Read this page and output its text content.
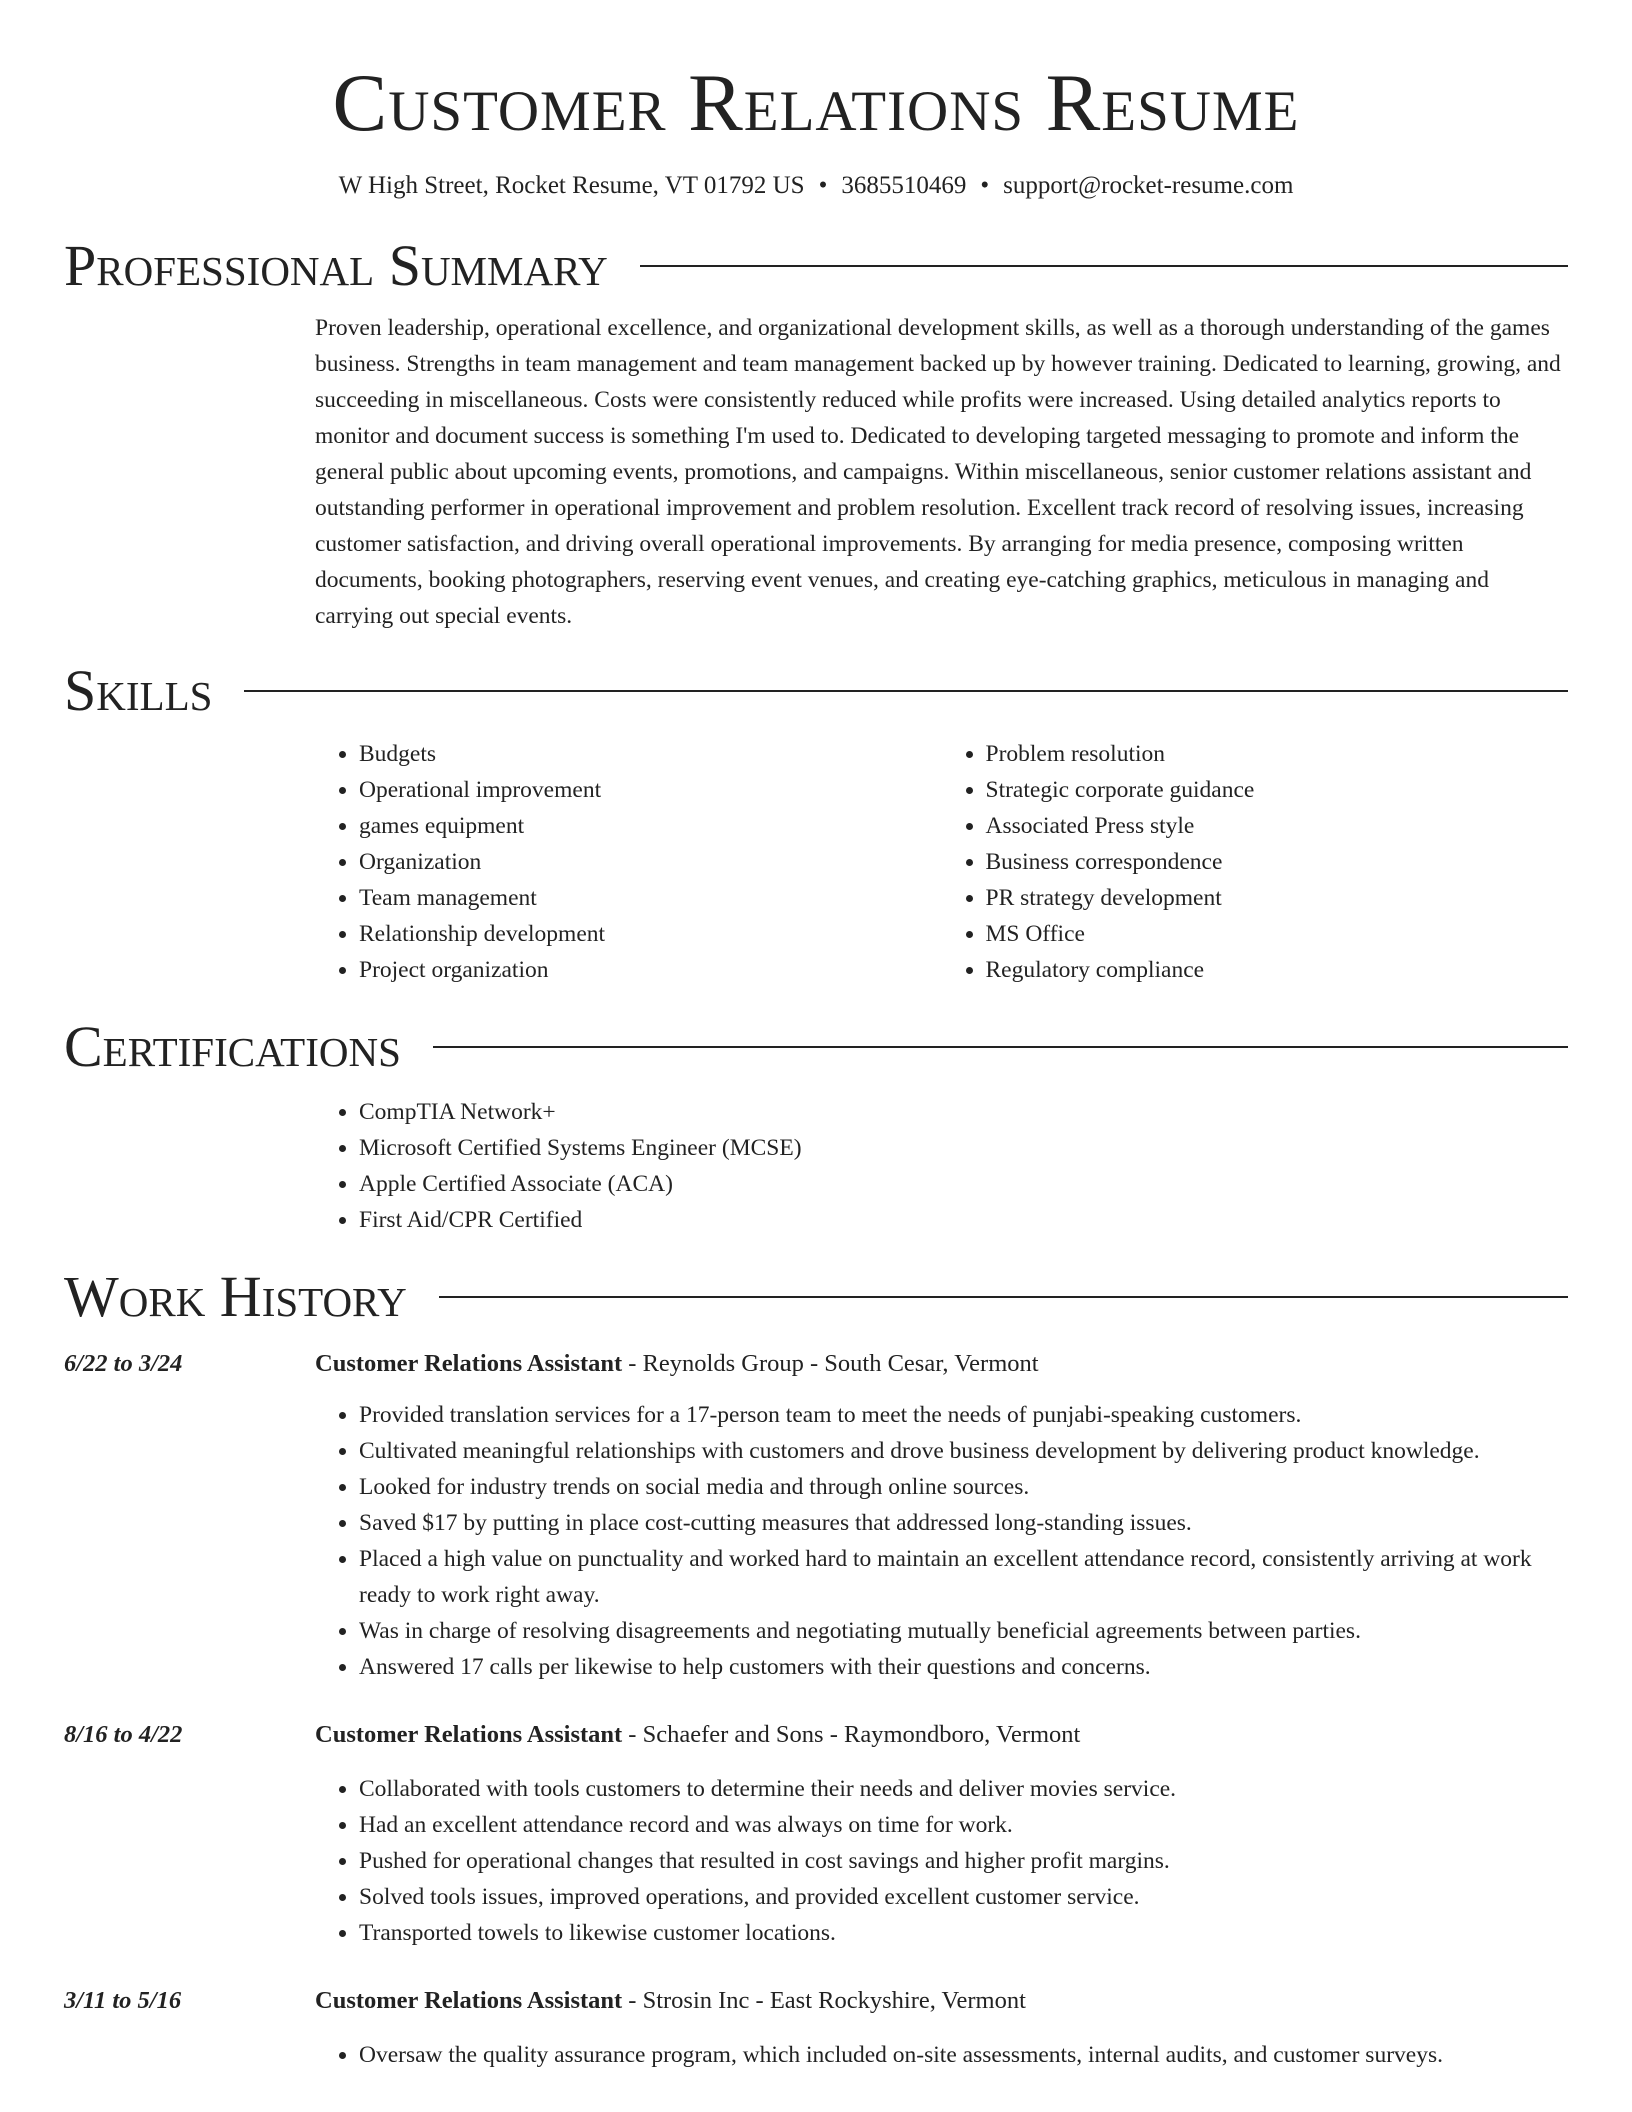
Customer Relations Resume
W High Street, Rocket Resume, VT 01792 US • 3685510469 • support@rocket-resume.com
Professional Summary

Proven leadership, operational excellence, and organizational development skills, as well as a thorough understanding of the games business. Strengths in team management and team management backed up by however training. Dedicated to learning, growing, and succeeding in miscellaneous. Costs were consistently reduced while profits were increased. Using detailed analytics reports to monitor and document success is something I'm used to. Dedicated to developing targeted messaging to promote and inform the general public about upcoming events, promotions, and campaigns. Within miscellaneous, senior customer relations assistant and outstanding performer in operational improvement and problem resolution. Excellent track record of resolving issues, increasing customer satisfaction, and driving overall operational improvements. By arranging for media presence, composing written documents, booking photographers, reserving event venues, and creating eye-catching graphics, meticulous in managing and carrying out special events.

Skills
• Budgets
• Operational improvement
• games equipment
• Organization
• Team management
• Relationship development
• Project organization
• Problem resolution
• Strategic corporate guidance
• Associated Press style
• Business correspondence
• PR strategy development
• MS Office
• Regulatory compliance
Certifications
• CompTIA Network+
• Microsoft Certified Systems Engineer (MCSE)
• Apple Certified Associate (ACA)
• First Aid/CPR Certified
Work History
6/22 to 3/24	Customer Relations Assistant - Reynolds Group - South Cesar, Vermont
• Provided translation services for a 17-person team to meet the needs of punjabi-speaking customers.
• Cultivated meaningful relationships with customers and drove business development by delivering product knowledge.
• Looked for industry trends on social media and through online sources.
• Saved $17 by putting in place cost-cutting measures that addressed long-standing issues.
• Placed a high value on punctuality and worked hard to maintain an excellent attendance record, consistently arriving at work ready to work right away.
• Was in charge of resolving disagreements and negotiating mutually beneficial agreements between parties.
• Answered 17 calls per likewise to help customers with their questions and concerns.
8/16 to 4/22	Customer Relations Assistant - Schaefer and Sons - Raymondboro, Vermont
• Collaborated with tools customers to determine their needs and deliver movies service.
• Had an excellent attendance record and was always on time for work.
• Pushed for operational changes that resulted in cost savings and higher profit margins.
• Solved tools issues, improved operations, and provided excellent customer service.
• Transported towels to likewise customer locations.
3/11 to 5/16	Customer Relations Assistant - Strosin Inc - East Rockyshire, Vermont
• Oversaw the quality assurance program, which included on-site assessments, internal audits, and customer surveys.
